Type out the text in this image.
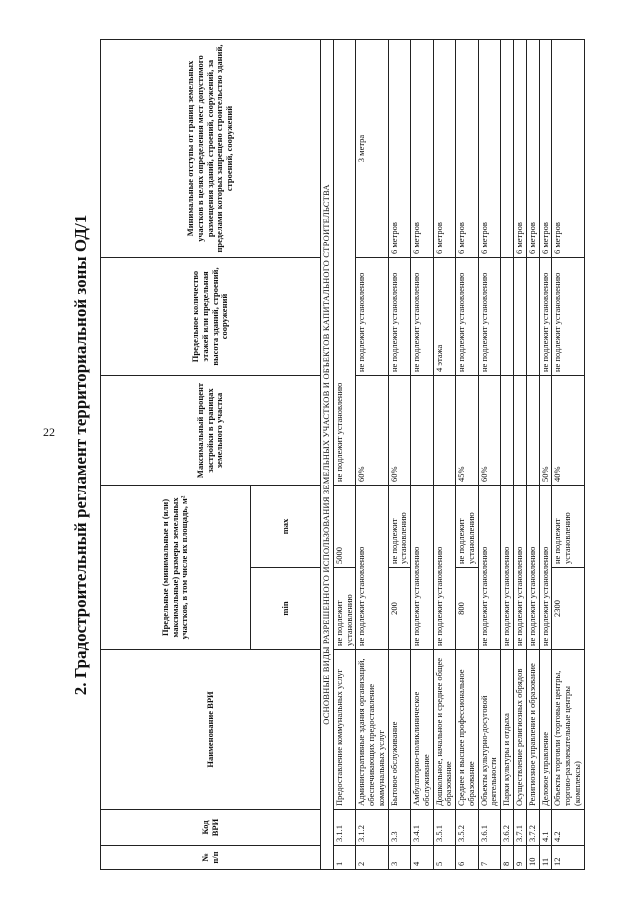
22 2. Градостроительный регламент территориальной зоны ОД/1
№ п/п	Код ВРИ	Наименование ВРИ	Предельные (минимальные и (или) максимальные) размеры земельных участков, в том числе их площадь, м²		Максимальный процент застройки в границах земельного участка	Предельное количество этажей или предельная высота зданий, строений, сооружений	Минимальные отступы от границ земельных участков в целях определения мест допустимого размещения зданий, строений, сооружений, за пределами которых запрещено строительство зданий, строений, сооружений
			min	max			
ОСНОВНЫЕ ВИДЫ РАЗРЕШЕННОГО ИСПОЛЬЗОВАНИЯ ЗЕМЕЛЬНЫХ УЧАСТКОВ И ОБЪЕКТОВ КАПИТАЛЬНОГО СТРОИТЕЛЬСТВА							
1	3.1.1	Предоставление коммунальных услуг	не подлежит установлению	5000	не подлежит установлению		
2	3.1.2	Административные здания организаций, обеспечивающих предоставление коммунальных услуг	не подлежит установлению		60%	не подлежит установлению	3 метра
3	3.3	Бытовое обслуживание	200	не подлежит установлению	60%	не подлежит установлению	6 метров
4	3.4.1	Амбулаторно-поликлиническое обслуживание	не подлежит установлению			не подлежит установлению	6 метров
5	3.5.1	Дошкольное, начальное и среднее общее образование	не подлежит установлению			4 этажа	6 метров
6	3.5.2	Среднее и высшее профессиональное образование	800	не подлежит установлению	45%	не подлежит установлению	6 метров
7	3.6.1	Объекты культурно-досуговой деятельности	не подлежит установлению		60%	не подлежит установлению	6 метров
8	3.6.2	Парки культуры и отдыха	не подлежит установлению				
9	3.7.1	Осуществление религиозных обрядов	не подлежит установлению				6 метров
10	3.7.2	Религиозное управление и образование	не подлежит установлению				6 метров
11	4.1	Деловое управление	не подлежит установлению		50%	не подлежит установлению	6 метров
12	4.2	Объекты торговли (торговые центры, торгово-развлекательные центры (комплексы)	2300	не подлежит установлению	40%	не подлежит установлению	6 метров
